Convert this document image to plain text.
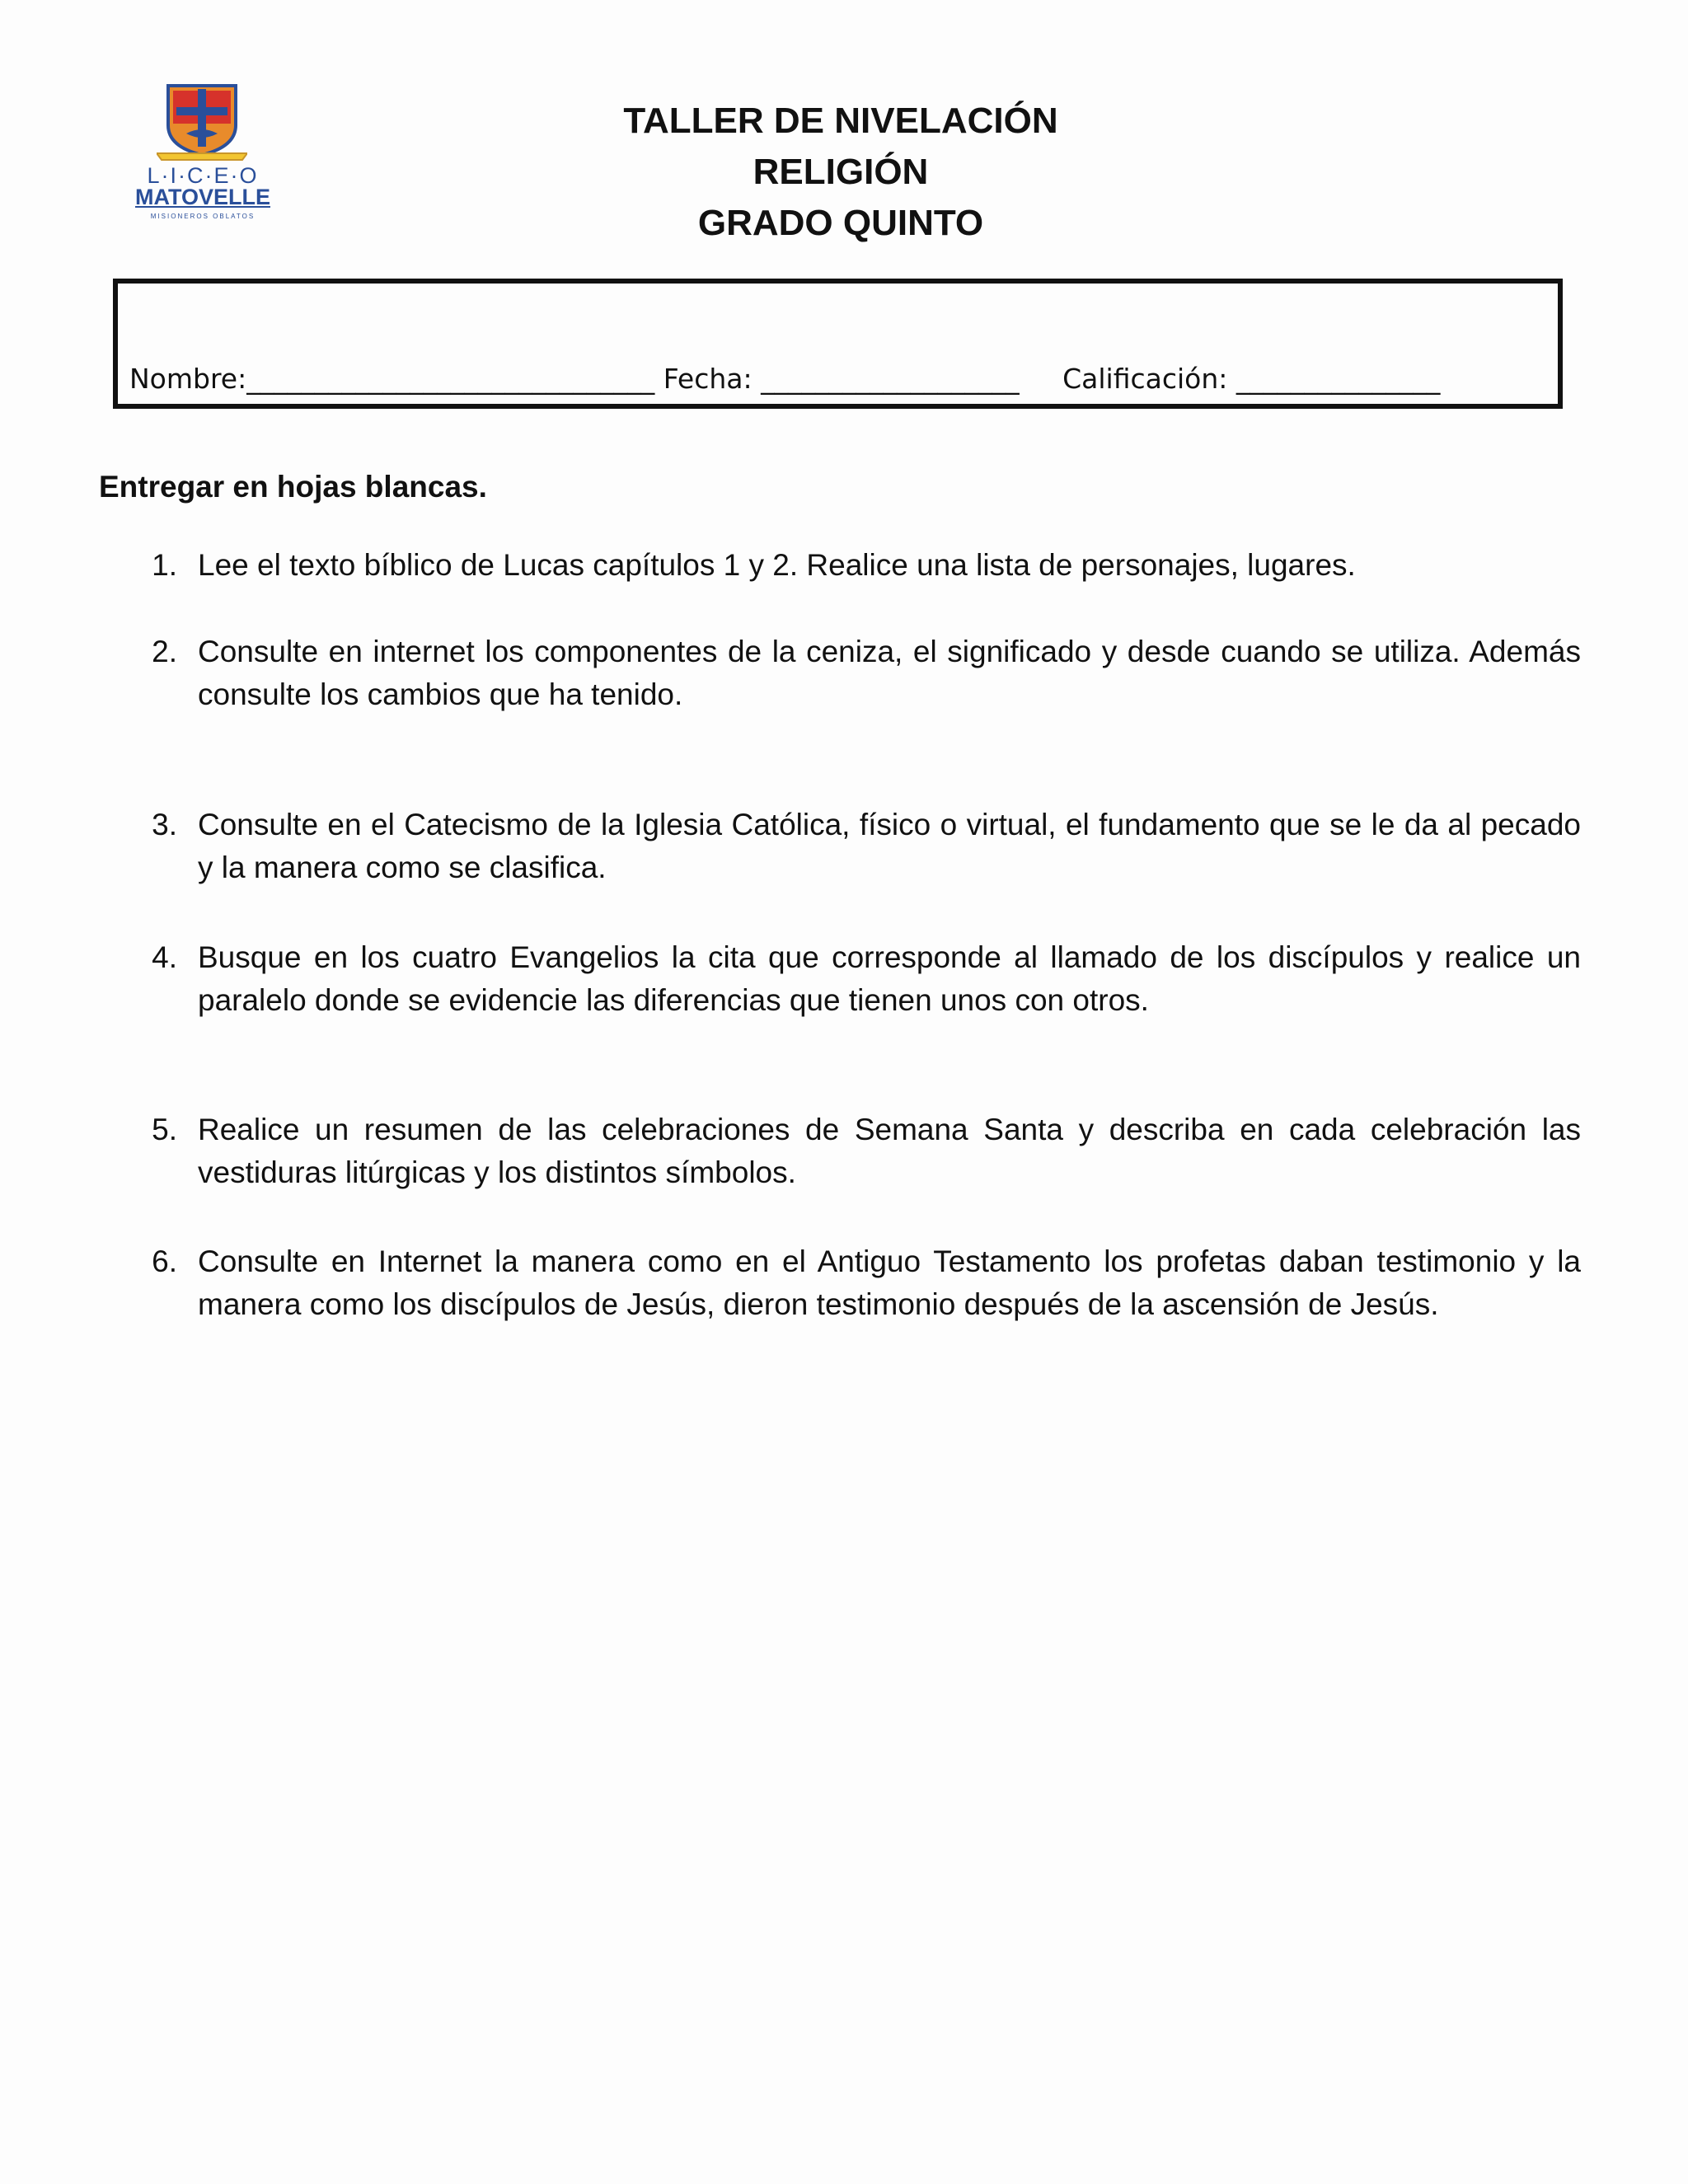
L·I·C·E·O
MATOVELLE
MISIONEROS OBLATOS
TALLER DE NIVELACIÓN
RELIGIÓN
GRADO QUINTO
Nombre:______________________________ Fecha: ___________________ Calificación: _______________
Entregar en hojas blancas.
1. Lee el texto bíblico de Lucas capítulos 1 y 2. Realice una lista de personajes, lugares.
2. Consulte en internet los componentes de la ceniza, el significado y desde cuando se utiliza. Además consulte los cambios que ha tenido.
3. Consulte en el Catecismo de la Iglesia Católica, físico o virtual, el fundamento que se le da al pecado y la manera como se clasifica.
4. Busque en los cuatro Evangelios la cita que corresponde al llamado de los discípulos y realice un paralelo donde se evidencie las diferencias que tienen unos con otros.
5. Realice un resumen de las celebraciones de Semana Santa y describa en cada celebración las vestiduras litúrgicas y los distintos símbolos.
6. Consulte en Internet la manera como en el Antiguo Testamento los profetas daban testimonio y la manera como los discípulos de Jesús, dieron testimonio después de la ascensión de Jesús.
